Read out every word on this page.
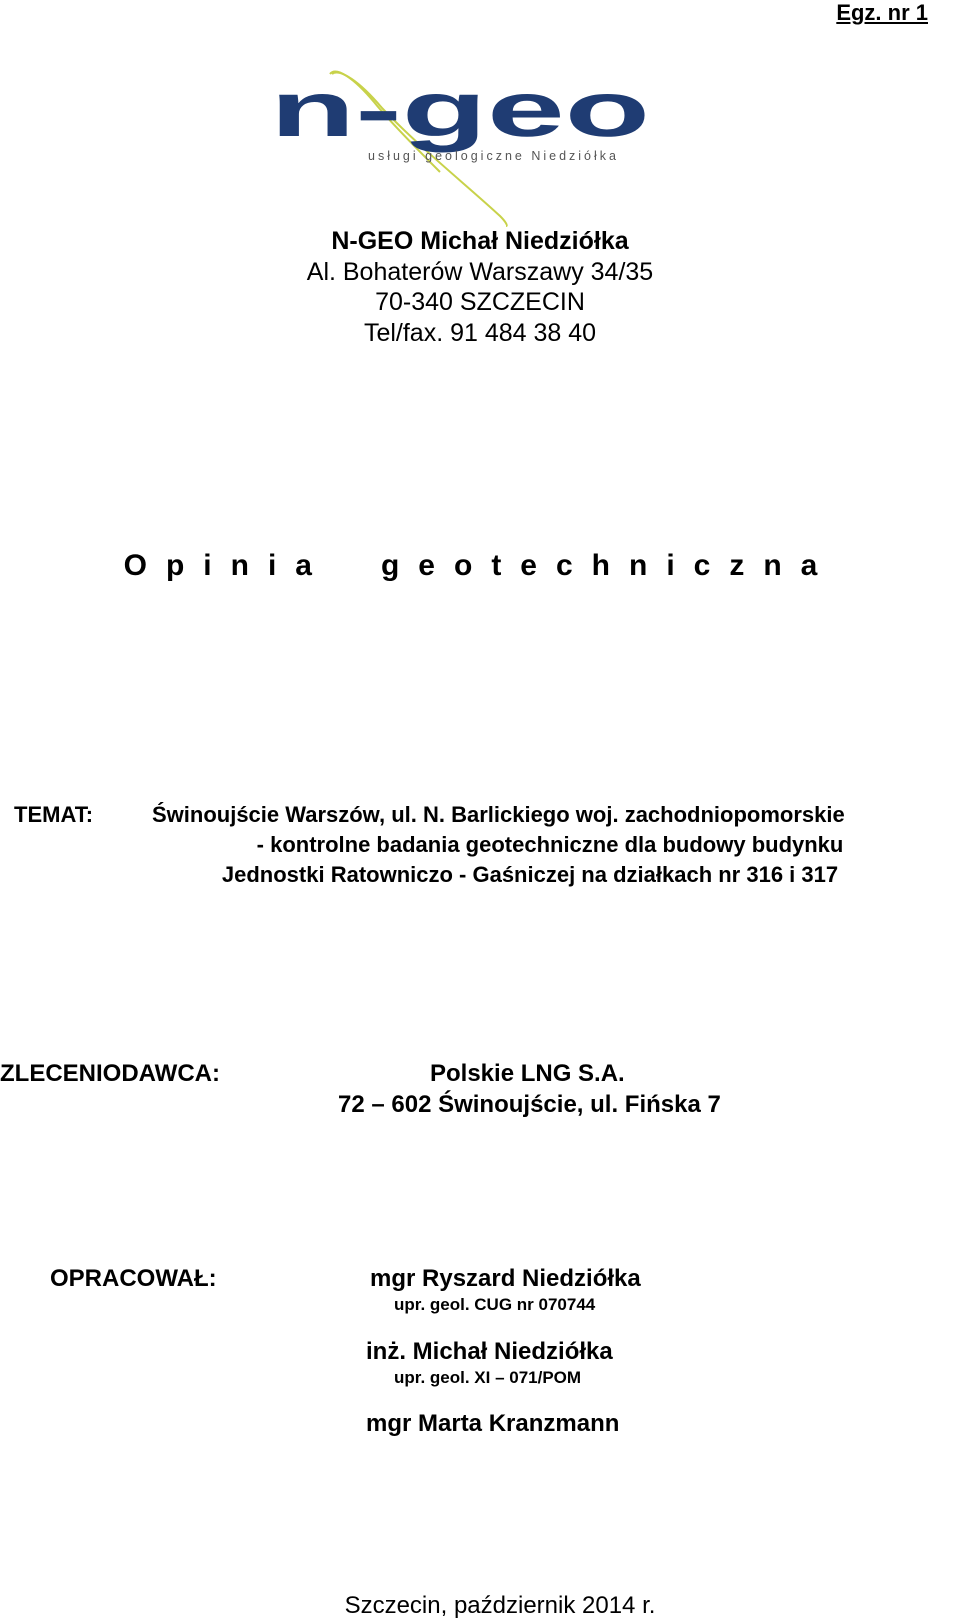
Egz. nr 1
n-geo
usługi geologiczne Niedziółka
N-GEO Michał Niedziółka
Al. Bohaterów Warszawy 34/35
70-340 SZCZECIN
Tel/fax. 91 484 38 40
Opinia geotechniczna
TEMAT:	Świnoujście Warszów, ul. N. Barlickiego woj. zachodniopomorskie
- kontrolne badania geotechniczne dla budowy budynku
Jednostki Ratowniczo - Gaśniczej na działkach nr 316 i 317
ZLECENIODAWCA:	Polskie LNG S.A.
72 – 602 Świnoujście, ul. Fińska 7
OPRACOWAŁ:	mgr Ryszard Niedziółka
upr. geol. CUG nr 070744
inż. Michał Niedziółka
upr. geol. XI – 071/POM
mgr Marta Kranzmann
Szczecin, październik 2014 r.
